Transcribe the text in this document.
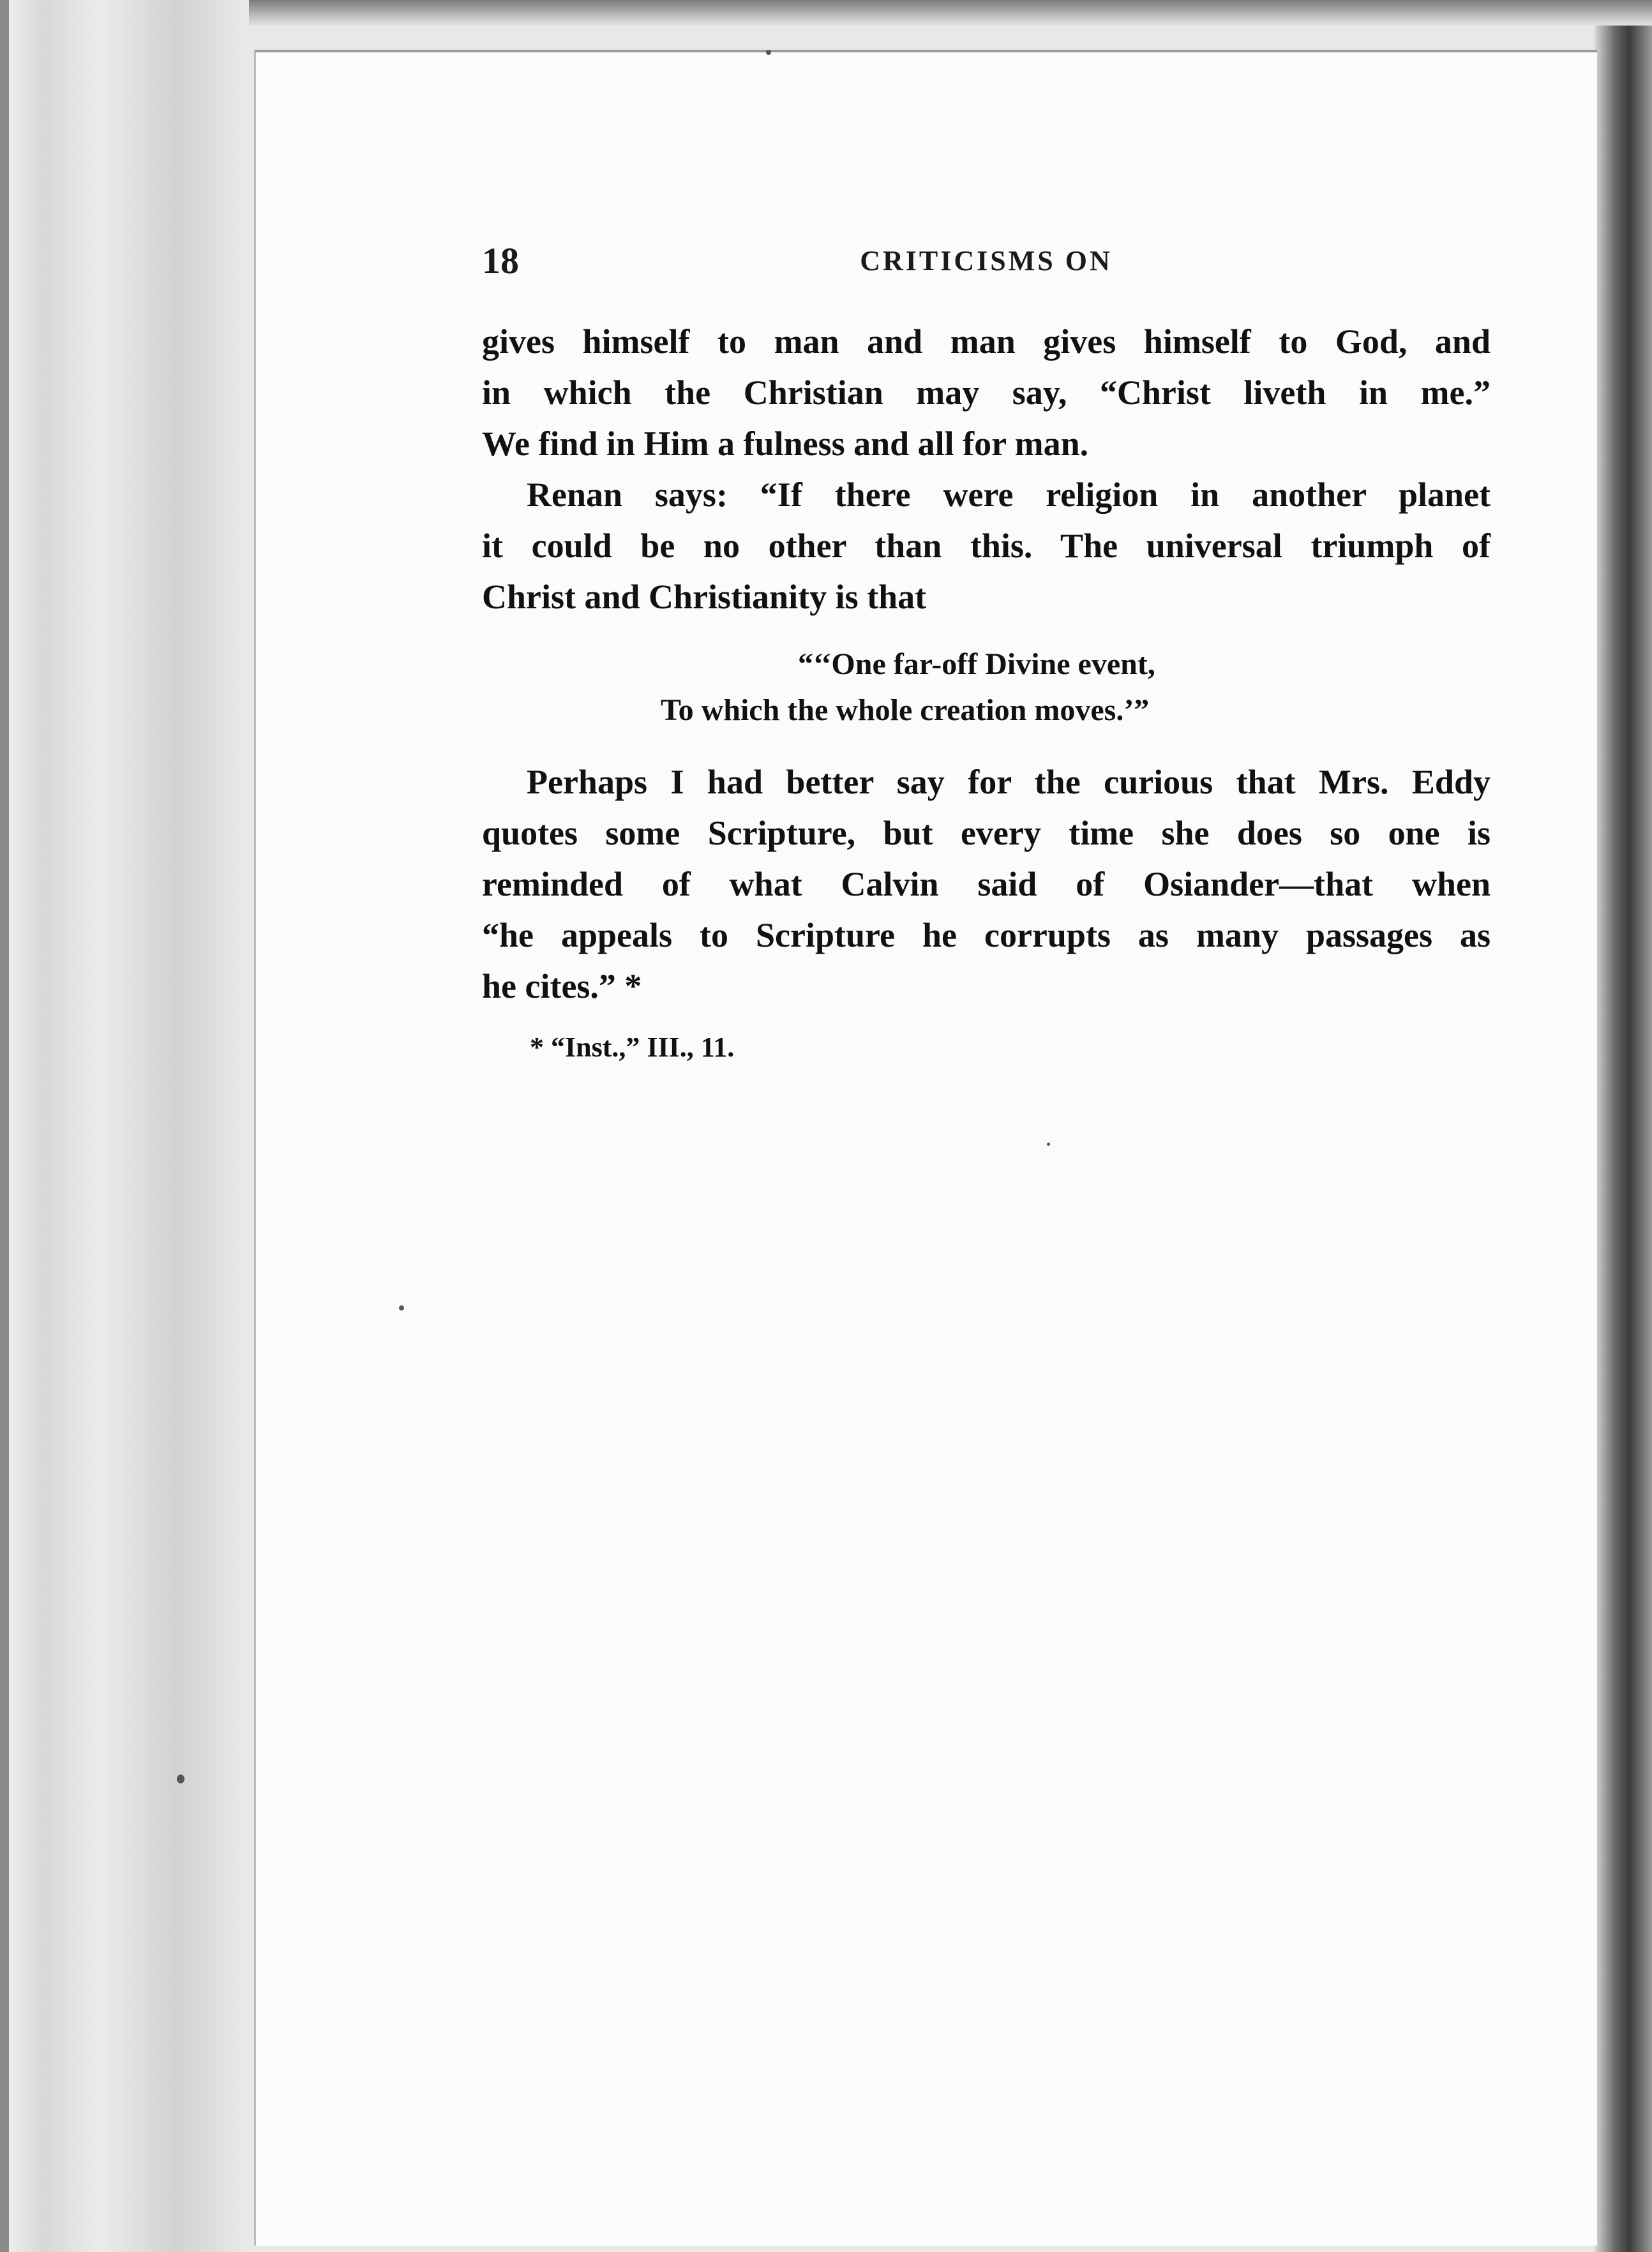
18	CRITICISMS ON
gives himself to man and man gives himself to God, and
in which the Christian may say, “Christ liveth in me.”
We find in Him a fulness and all for man.
Renan says: “If there were religion in another planet
it could be no other than this. The universal triumph of
Christ and Christianity is that
“‘‘One far-off Divine event,
To which the whole creation moves.’”
Perhaps I had better say for the curious that Mrs. Eddy
quotes some Scripture, but every time she does so one is
reminded of what Calvin said of Osiander—that when
“he appeals to Scripture he corrupts as many passages as
he cites.” *
* “Inst.,” III., 11.
